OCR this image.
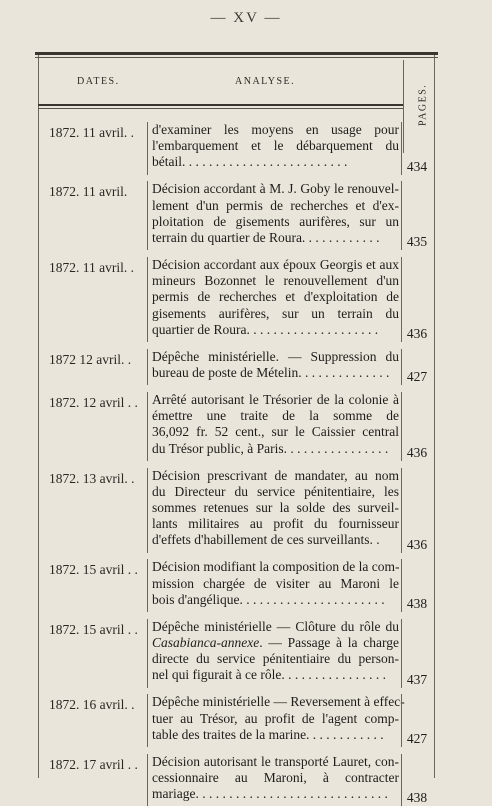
— XV —
DATES.	ANALYSE.
PAGES.
1872. 11 avril. . d'examiner les moyens en usage pour
l'embarquement et le débarquement du
bétail. . . . . . . . . . . . . . . . . . . . . . . . .	434
1872. 11 avril. Décision accordant à M. J. Goby le renouvel-
lement d'un permis de recherches et d'ex-
ploitation de gisements aurifères, sur un
terrain du quartier de Roura. . . . . . . . . . . .	435
1872. 11 avril. . Décision accordant aux époux Georgis et aux
mineurs Bozonnet le renouvellement d'un
permis de recherches et d'exploitation de
gisements aurifères, sur un terrain du
quartier de Roura. . . . . . . . . . . . . . . . . . . .	436
1872 12 avril. . Dépêche ministérielle. — Suppression du
bureau de poste de Mételin. . . . . . . . . . . . . .	427
1872. 12 avril . . Arrêté autorisant le Trésorier de la colonie à
émettre une traite de la somme de
36,092 fr. 52 cent., sur le Caissier central
du Trésor public, à Paris. . . . . . . . . . . . . . . .	436
1872. 13 avril. . Décision prescrivant de mandater, au nom
du Directeur du service pénitentiaire, les
sommes retenues sur la solde des surveil-
lants militaires au profit du fournisseur
d'effets d'habillement de ces surveillants. .	436
1872. 15 avril . . Décision modifiant la composition de la com-
mission chargée de visiter au Maroni le
bois d'angélique. . . . . . . . . . . . . . . . . . . . . .	438
1872. 15 avril . . Dépêche ministérielle — Clôture du rôle du
Casabianca-annexe. — Passage à la charge
directe du service pénitentiaire du person-
nel qui figurait à ce rôle. . . . . . . . . . . . . . . .	437
1872. 16 avril. . Dépêche ministérielle — Reversement à effec-
tuer au Trésor, au profit de l'agent comp-
table des traites de la marine. . . . . . . . . . . .	427
1872. 17 avril . . Décision autorisant le transporté Lauret, con-
cessionnaire au Maroni, à contracter
mariage. . . . . . . . . . . . . . . . . . . . . . . . . . . . .	438
